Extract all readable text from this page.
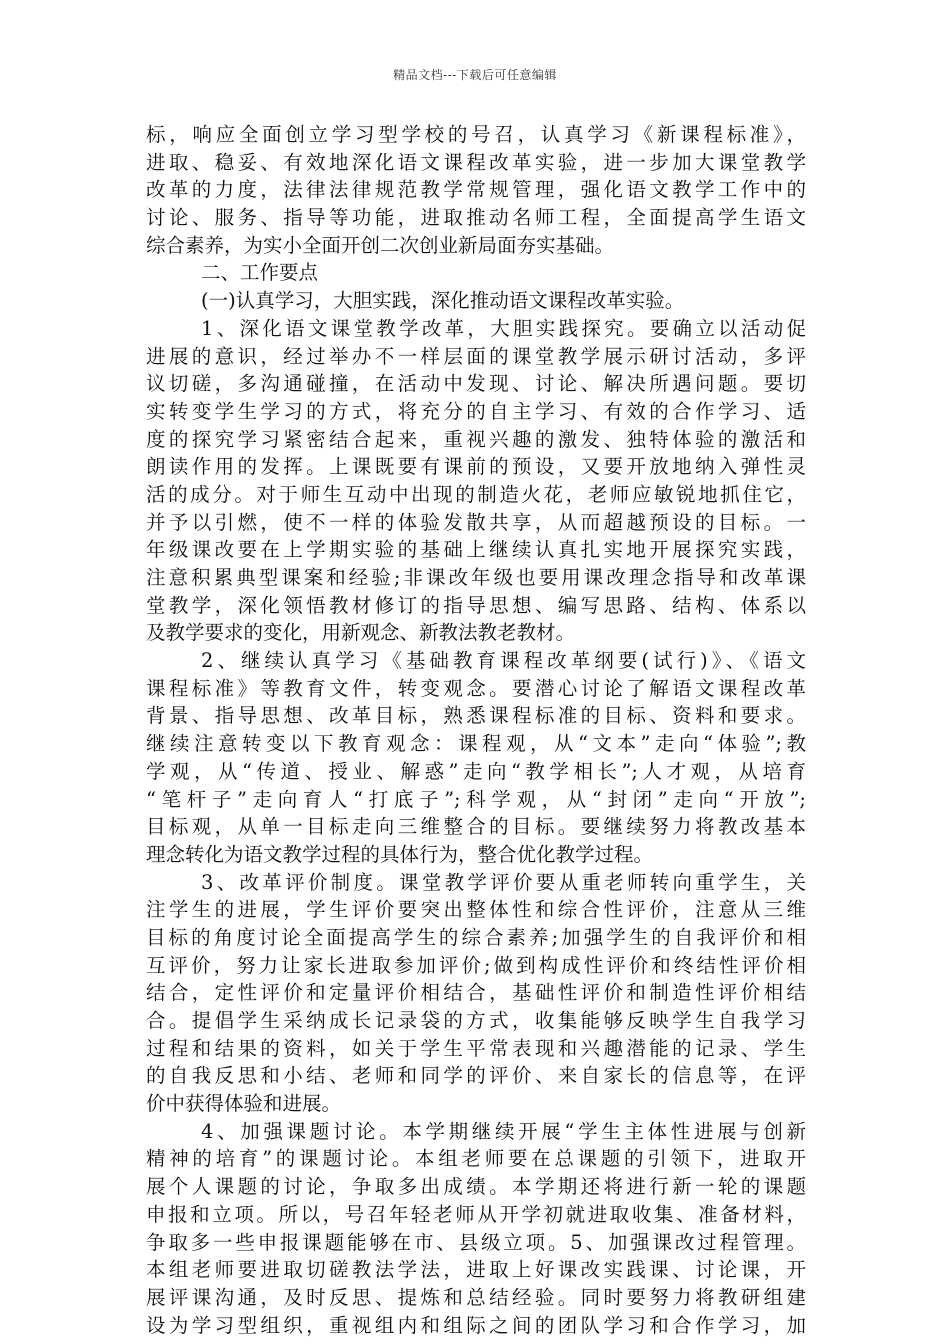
精品文档---下载后可任意编辑
标，响应全面创立学习型学校的号召，认真学习《新课程标准》，
进取、稳妥、有效地深化语文课程改革实验，进一步加大课堂教学
改革的力度，法律法律规范教学常规管理，强化语文教学工作中的
讨论、服务、指导等功能，进取推动名师工程，全面提高学生语文
综合素养，为实小全面开创二次创业新局面夯实基础。
二、工作要点
(一)认真学习，大胆实践，深化推动语文课程改革实验。
1、深化语文课堂教学改革，大胆实践探究。要确立以活动促
进展的意识，经过举办不一样层面的课堂教学展示研讨活动，多评
议切磋，多沟通碰撞，在活动中发现、讨论、解决所遇问题。要切
实转变学生学习的方式，将充分的自主学习、有效的合作学习、适
度的探究学习紧密结合起来，重视兴趣的激发、独特体验的激活和
朗读作用的发挥。上课既要有课前的预设，又要开放地纳入弹性灵
活的成分。对于师生互动中出现的制造火花，老师应敏锐地抓住它，
并予以引燃，使不一样的体验发散共享，从而超越预设的目标。一
年级课改要在上学期实验的基础上继续认真扎实地开展探究实践，
注意积累典型课案和经验;非课改年级也要用课改理念指导和改革课
堂教学，深化领悟教材修订的指导思想、编写思路、结构、体系以
及教学要求的变化，用新观念、新教法教老教材。
2、继续认真学习《基础教育课程改革纲要(试行)》、《语文
课程标准》等教育文件，转变观念。要潜心讨论了解语文课程改革
背景、指导思想、改革目标，熟悉课程标准的目标、资料和要求。
继续注意转变以下教育观念：课程观，从“文本”走向“体验”;教
学观，从“传道、授业、解惑”走向“教学相长”;人才观，从培育
“笔杆子”走向育人“打底子”;科学观，从“封闭”走向“开放”;
目标观，从单一目标走向三维整合的目标。要继续努力将教改基本
理念转化为语文教学过程的具体行为，整合优化教学过程。
3、改革评价制度。课堂教学评价要从重老师转向重学生，关
注学生的进展，学生评价要突出整体性和综合性评价，注意从三维
目标的角度讨论全面提高学生的综合素养;加强学生的自我评价和相
互评价，努力让家长进取参加评价;做到构成性评价和终结性评价相
结合，定性评价和定量评价相结合，基础性评价和制造性评价相结
合。提倡学生采纳成长记录袋的方式，收集能够反映学生自我学习
过程和结果的资料，如关于学生平常表现和兴趣潜能的记录、学生
的自我反思和小结、老师和同学的评价、来自家长的信息等，在评
价中获得体验和进展。
4、加强课题讨论。本学期继续开展“学生主体性进展与创新
精神的培育”的课题讨论。本组老师要在总课题的引领下，进取开
展个人课题的讨论，争取多出成绩。本学期还将进行新一轮的课题
申报和立项。所以，号召年轻老师从开学初就进取收集、准备材料，
争取多一些申报课题能够在市、县级立项。5、加强课改过程管理。
本组老师要进取切磋教法学法，进取上好课改实践课、讨论课，开
展评课沟通，及时反思、提炼和总结经验。同时要努力将教研组建
设为学习型组织，重视组内和组际之间的团队学习和合作学习，加
